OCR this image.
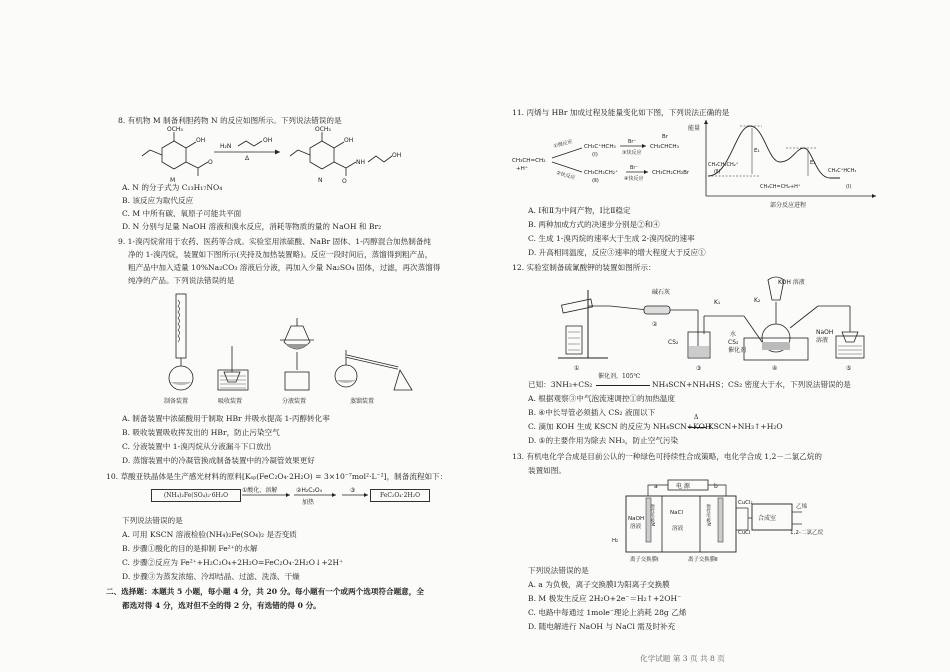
8. 有机物 M 制备利胆药物 N 的反应如图所示。下列说法错误的是
OCH₃
OH
O
M
H₂N
OH
Δ
OCH₃
OH
O
NH
OH
N
A. N 的分子式为 C₁₃H₁₇NO₄
B. 该反应为取代反应
C. M 中所有碳、氧原子可能共平面
D. N 分别与足量 NaOH 溶液和溴水反应，消耗等物质的量的 NaOH 和 Br₂
9. 1-溴丙烷常用于农药、医药等合成。实验室用浓硫酸、NaBr 固体、1-丙醇混合加热制备纯
净的 1-溴丙烷，装置如下图所示(夹持及加热装置略)。反应一段时间后，蒸馏得到粗产品，
粗产品中加入适量 10%Na₂CO₃ 溶液后分液，再加入少量 Na₂SO₄ 固体，过滤，再次蒸馏得
纯净的产品。下列说法错误的是
制备装置	吸收装置	分液装置	蒸馏装置
A. 制备装置中浓硫酸用于制取 HBr 并吸水提高 1-丙醇转化率
B. 吸收装置吸收挥发出的 HBr，防止污染空气
C. 分液装置中 1-溴丙烷从分液漏斗下口放出
D. 蒸馏装置中的冷凝管换成制备装置中的冷凝管效果更好
10. 草酸亚铁晶体是生产感光材料的原料[Kₛₚ(FeC₂O₄·2H₂O) = 3×10⁻⁷mol²·L⁻²]，制备流程如下：
(NH₄)₂Fe(SO₄)₂·6H₂O
①酸化、溶解	②H₂C₂O₄
加热
③
FeC₂O₄·2H₂O
下列说法错误的是
A. 可用 KSCN 溶液检验(NH₄)₂Fe(SO₄)₂ 是否变质
B. 步骤①酸化的目的是抑制 Fe²⁺的水解
C. 步骤②反应为 Fe²⁺+H₂C₂O₄+2H₂O=FeC₂O₄·2H₂O↓+2H⁺
D. 步骤③为蒸发浓缩、冷却结晶、过滤、洗涤、干燥
二、选择题：本题共 5 小题，每小题 4 分，共 20 分。每小题有一个或两个选项符合题意，全
都选对得 4 分，选对但不全的得 2 分，有选错的得 0 分。
11. 丙烯与 HBr 加成过程及能量变化如下图，下列说法正确的是
CH₃CH=CH₂
+H⁺
①慢反应
②快反应
CH₃C⁺HCH₃
(Ⅰ)
CH₃CH₂CH₂⁺
(Ⅱ)
Br⁻
③快反应
Br⁻
④快反应
CH₃CHCH₃
Br
CH₃CH₂CH₂Br
能量
部分反应进程
E₁
E₂
CH₃CH₂CH₂⁺
(Ⅱ)
CH₃CH=CH₂+H⁺
CH₃C⁺HCH₃
(Ⅰ)
A. Ⅰ和Ⅱ为中间产物，Ⅰ比Ⅱ稳定
B. 两种加成方式的决速步分别是②和④
C. 生成 1-溴丙烷的速率大于生成 2-溴丙烷的速率
D. 升高相同温度，反应③速率的增大程度大于反应①
12. 实验室制备硫氰酸钾的装置如图所示：
碱石灰
CS₂
K₁
KOH 溶液
K₂
水
CS₂
催化剂
NaOH
溶液
①
②
③	④	⑤
已知：3NH₃+CS₂
催化剂，105℃
NH₄SCN+NH₄HS；CS₂ 密度大于水，下列说法错误的是
A. 根据观察③中气泡流速调控①的加热温度
B. ④中长导管必须插入 CS₂ 液面以下
C. 滴加 KOH 生成 KSCN 的反应为 NH₄SCN+KOH
Δ
KSCN+NH₃↑+H₂O
D. ⑤的主要作用为除去 NH₃，防止空气污染
13. 有机电化学合成是目前公认的一种绿色可持续性合成策略，电化学合成 1,2－二氯乙烷的
装置如图。
电 源
a	b
NaOH
溶液
惰性电极M	NaCl
溶液
惰性电极N
CuCl₂
CuCl
H₂
合成室
乙烯
1,2-二氯乙烷
离子交换膜Ⅰ	离子交换膜Ⅱ
下列说法错误的是
A. a 为负极，离子交换膜Ⅰ为阳离子交换膜
B. M 极发生反应 2H₂O+2e⁻＝H₂↑+2OH⁻
C. 电路中每通过 1mole⁻理论上消耗 28g 乙烯
D. 随电解进行 NaOH 与 NaCl 需及时补充
化学试题 第 3 页 共 8 页
